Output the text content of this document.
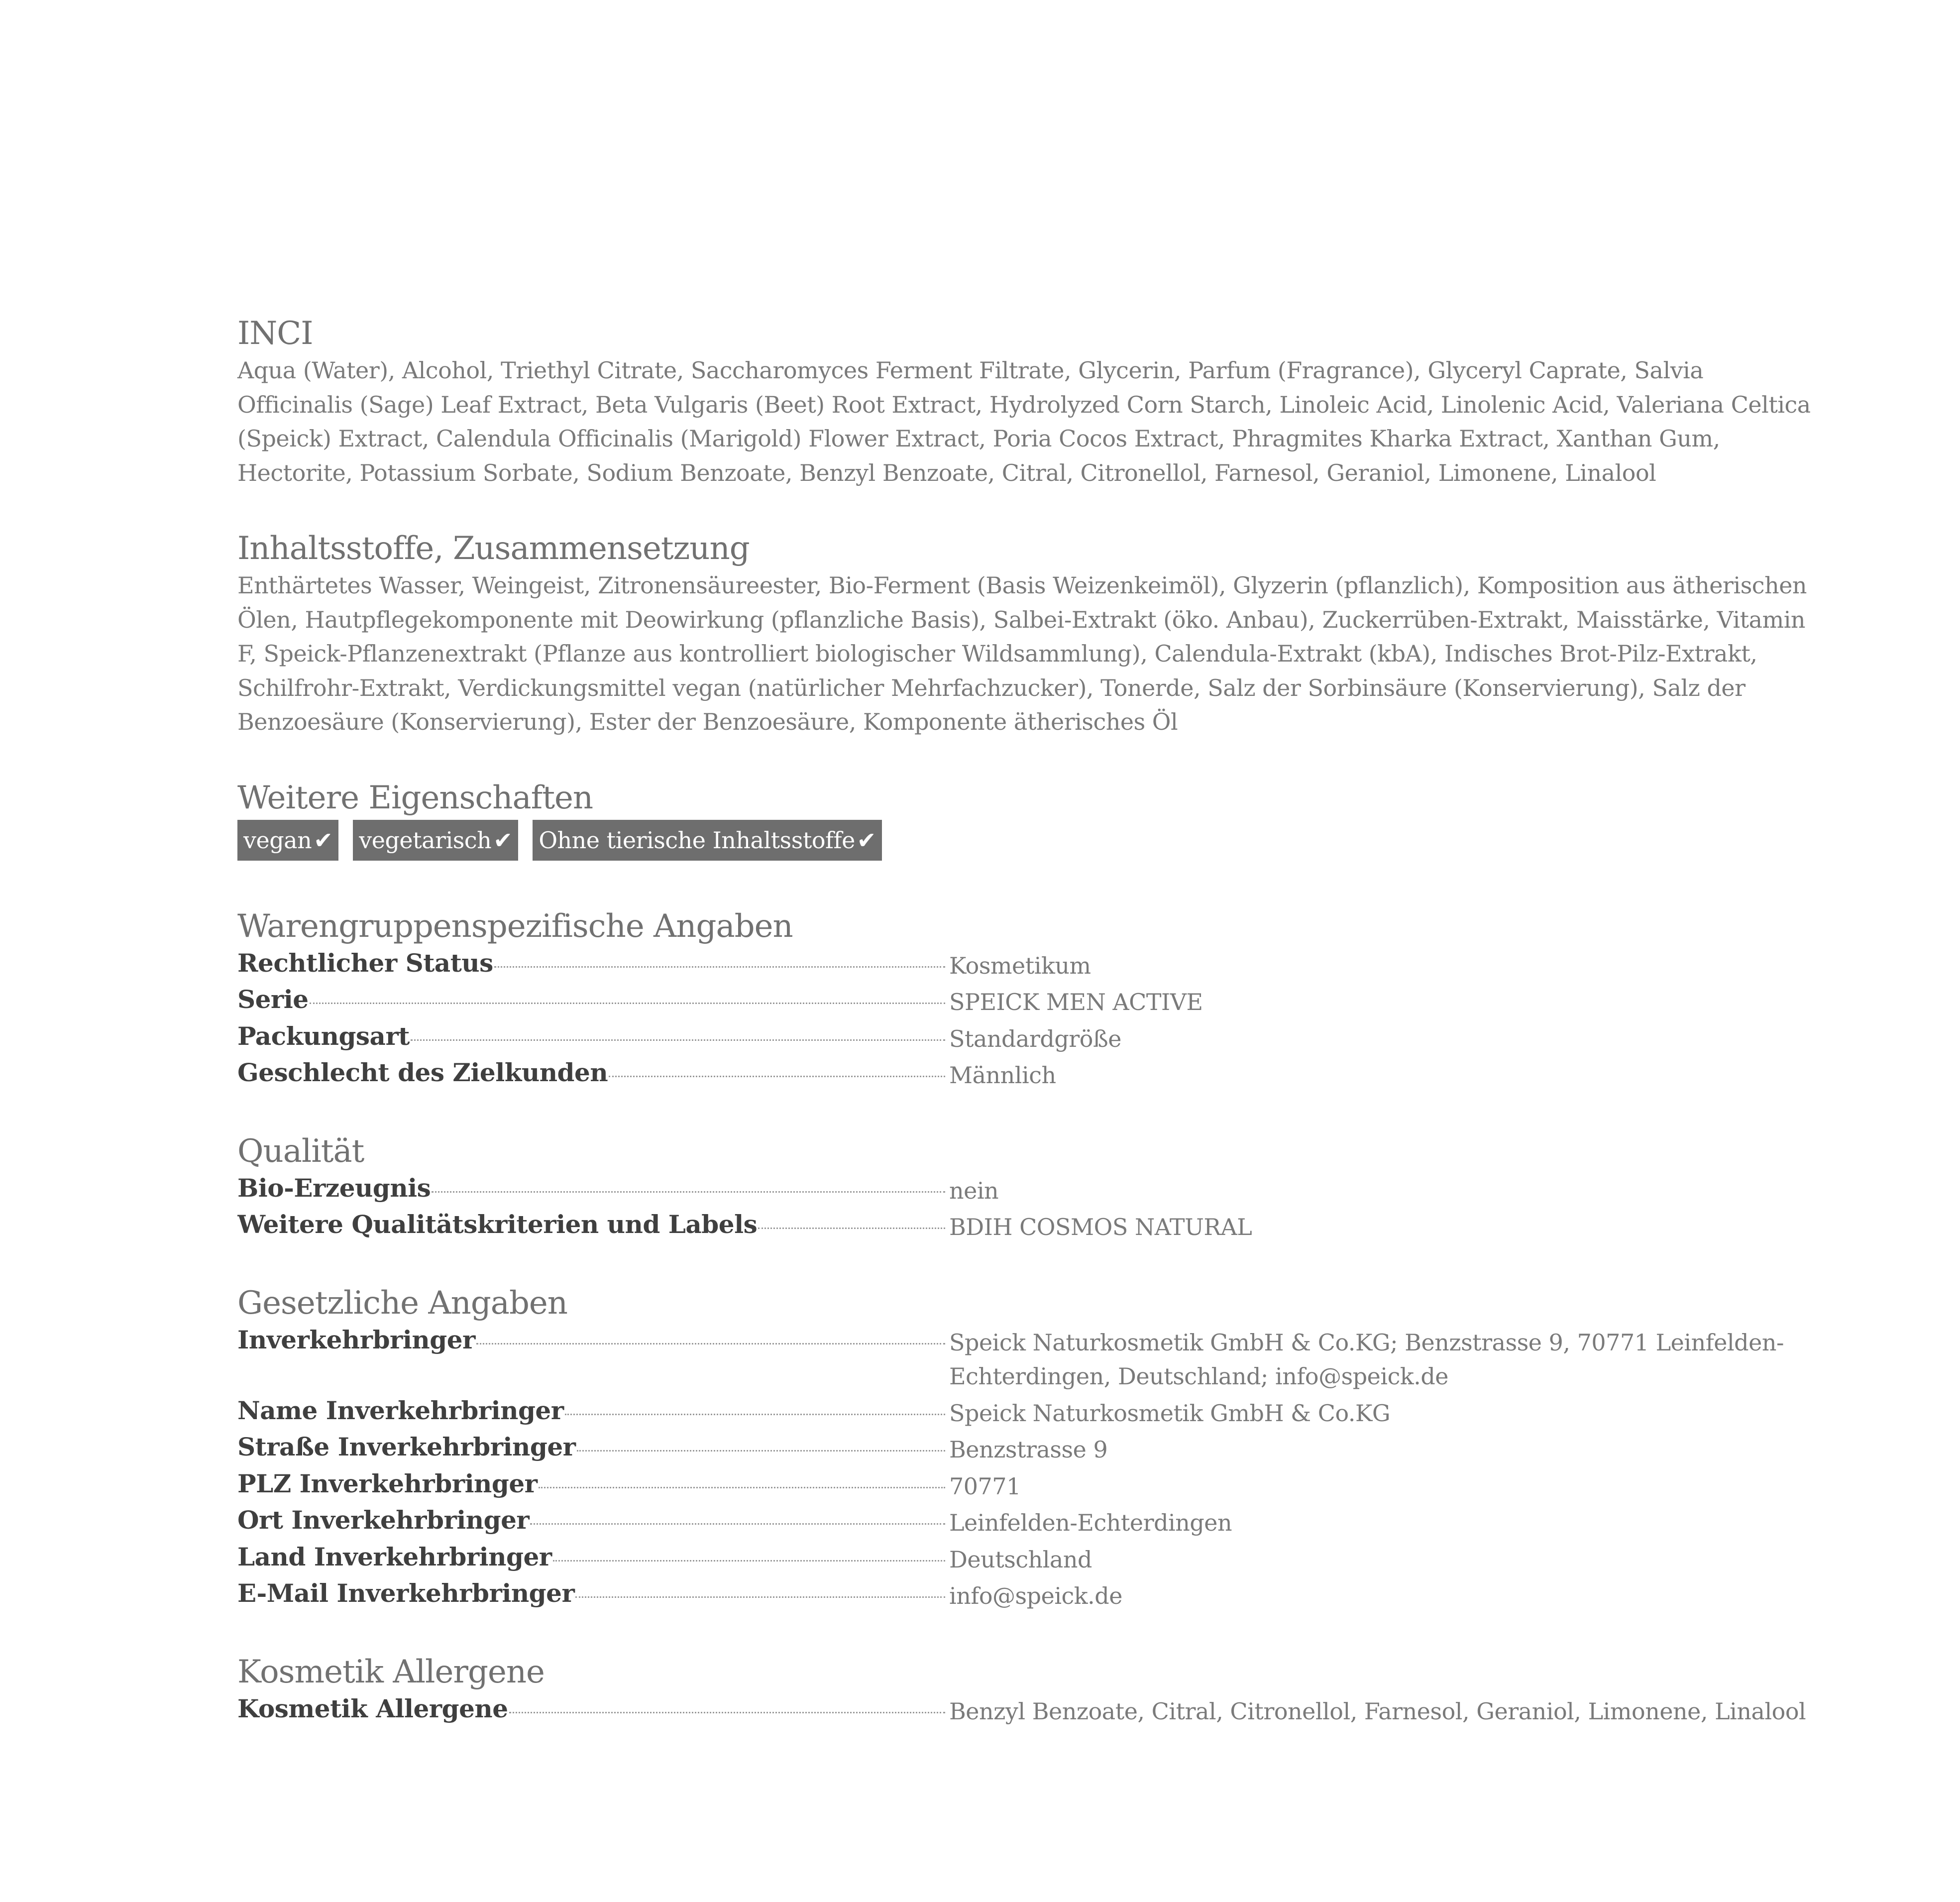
INCI

Aqua (Water), Alcohol, Triethyl Citrate, Saccharomyces Ferment Filtrate, Glycerin, Parfum (Fragrance), Glyceryl Caprate, Salvia Officinalis (Sage) Leaf Extract, Beta Vulgaris (Beet) Root Extract, Hydrolyzed Corn Starch, Linoleic Acid, Linolenic Acid, Valeriana Celtica (Speick) Extract, Calendula Officinalis (Marigold) Flower Extract, Poria Cocos Extract, Phragmites Kharka Extract, Xanthan Gum, Hectorite, Potassium Sorbate, Sodium Benzoate, Benzyl Benzoate, Citral, Citronellol, Farnesol, Geraniol, Limonene, Linalool

Inhaltsstoffe, Zusammensetzung

Enthärtetes Wasser, Weingeist, Zitronensäureester, Bio-Ferment (Basis Weizenkeimöl), Glyzerin (pflanzlich), Komposition aus ätherischen Ölen, Hautpflegekomponente mit Deowirkung (pflanzliche Basis), Salbei-Extrakt (öko. Anbau), Zuckerrüben-Extrakt, Maisstärke, Vitamin F, Speick-Pflanzenextrakt (Pflanze aus kontrolliert biologischer Wildsammlung), Calendula-Extrakt (kbA), Indisches Brot-Pilz-Extrakt, Schilfrohr-Extrakt, Verdickungsmittel vegan (natürlicher Mehrfachzucker), Tonerde, Salz der Sorbinsäure (Konservierung), Salz der Benzoesäure (Konservierung), Ester der Benzoesäure, Komponente ätherisches Öl

Weitere Eigenschaften
vegan✔ vegetarisch✔ Ohne tierische Inhaltsstoffe✔
Warengruppenspezifische Angaben
Rechtlicher Status	Kosmetikum
Serie	SPEICK MEN ACTIVE
Packungsart	Standardgröße
Geschlecht des Zielkunden	Männlich
Qualität
Bio-Erzeugnis	nein
Weitere Qualitätskriterien und Labels	BDIH COSMOS NATURAL
Gesetzliche Angaben
Inverkehrbringer	Speick Naturkosmetik GmbH & Co.KG; Benzstrasse 9, 70771 Leinfelden-Echterdingen, Deutschland; info@speick.de
Name Inverkehrbringer	Speick Naturkosmetik GmbH & Co.KG
Straße Inverkehrbringer	Benzstrasse 9
PLZ Inverkehrbringer	70771
Ort Inverkehrbringer	Leinfelden-Echterdingen
Land Inverkehrbringer	Deutschland
E-Mail Inverkehrbringer	info@speick.de
Kosmetik Allergene
Kosmetik Allergene	Benzyl Benzoate, Citral, Citronellol, Farnesol, Geraniol, Limonene, Linalool
